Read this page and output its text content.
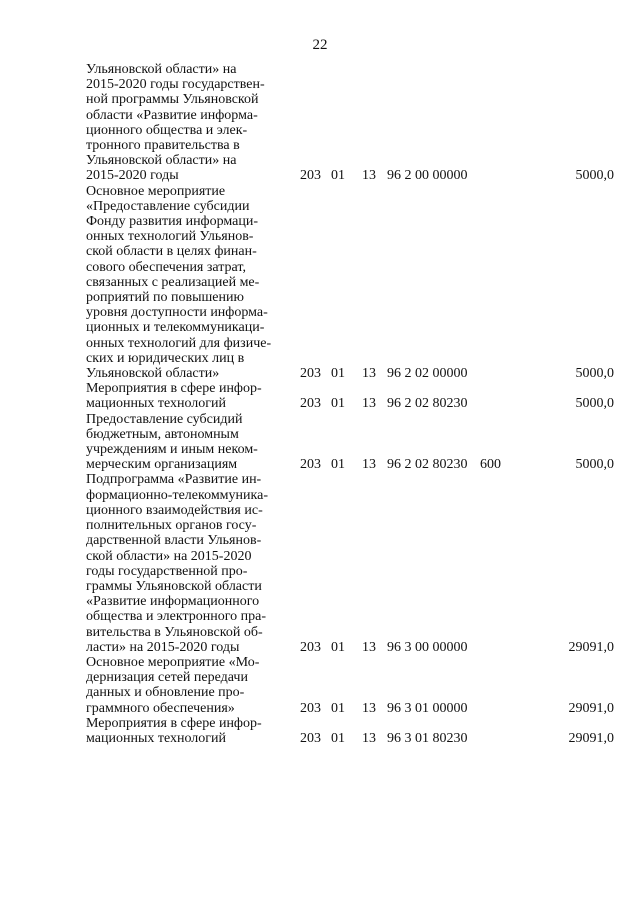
22
Ульяновской области» на
2015-2020 годы государствен-
ной программы Ульяновской
области «Развитие информа-
ционного общества и элек-
тронного правительства в
Ульяновской области» на
2015-2020 годы	203 01 13 96 2 00 00000	5000,0
Основное мероприятие
«Предоставление субсидии
Фонду развития информаци-
онных технологий Ульянов-
ской области в целях финан-
сового обеспечения затрат,
связанных с реализацией ме-
роприятий по повышению
уровня доступности информа-
ционных и телекоммуникаци-
онных технологий для физиче-
ских и юридических лиц в
Ульяновской области»	203 01 13 96 2 02 00000	5000,0
Мероприятия в сфере инфор-
мационных технологий	203 01 13 96 2 02 80230	5000,0
Предоставление субсидий
бюджетным, автономным
учреждениям и иным неком-
мерческим организациям	203 01 13 96 2 02 80230 600	5000,0
Подпрограмма «Развитие ин-
формационно-телекоммуника-
ционного взаимодействия ис-
полнительных органов госу-
дарственной власти Ульянов-
ской области» на 2015-2020
годы государственной про-
граммы Ульяновской области
«Развитие информационного
общества и электронного пра-
вительства в Ульяновской об-
ласти» на 2015-2020 годы	203 01 13 96 3 00 00000	29091,0
Основное мероприятие «Мо-
дернизация сетей передачи
данных и обновление про-
граммного обеспечения»	203 01 13 96 3 01 00000	29091,0
Мероприятия в сфере инфор-
мационных технологий	203 01 13 96 3 01 80230	29091,0
